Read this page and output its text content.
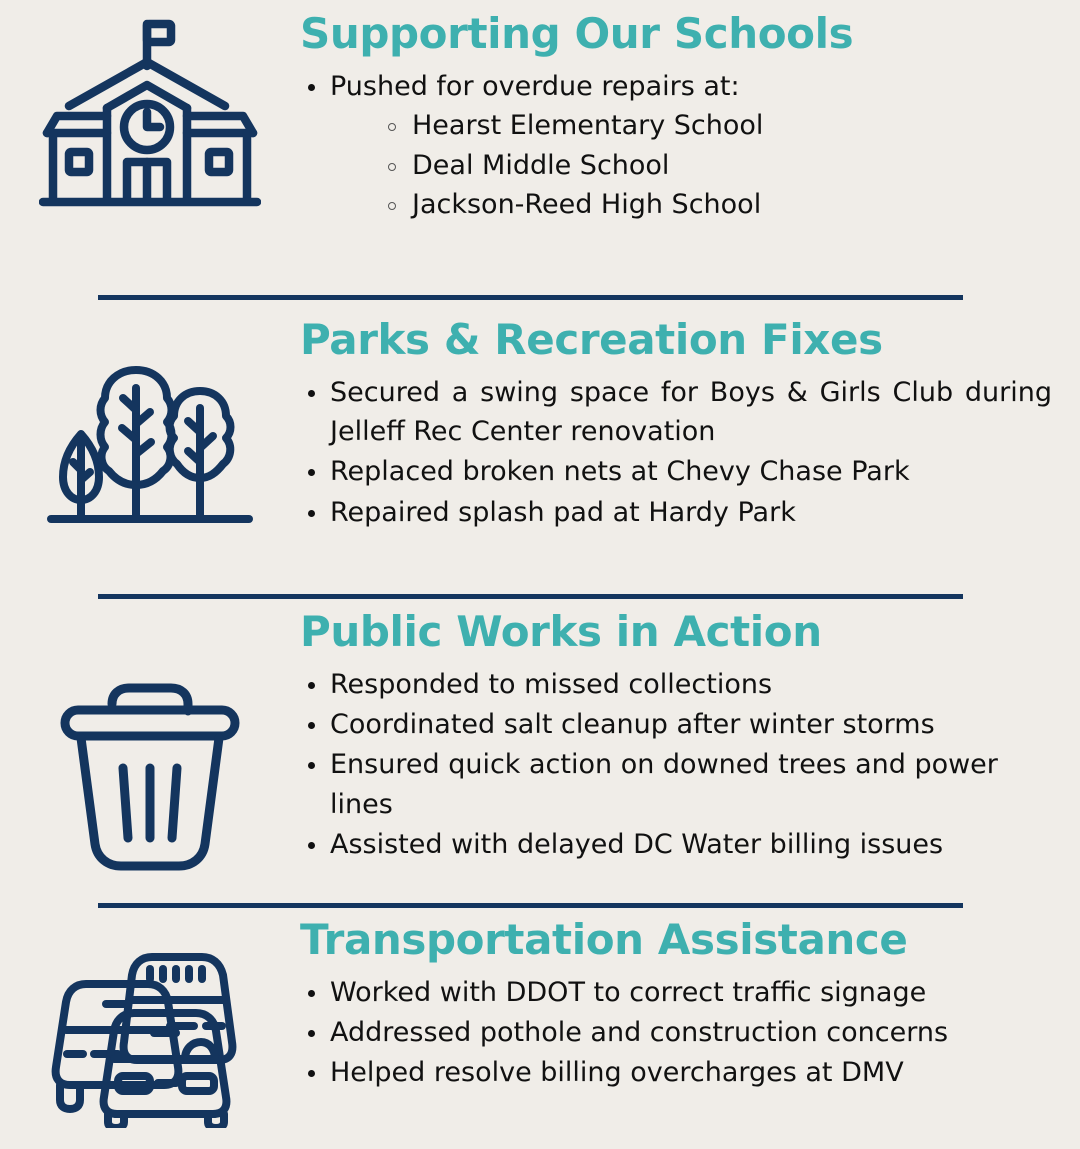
Supporting Our Schools
Pushed for overdue repairs at:
Hearst Elementary School
Deal Middle School
Jackson-Reed High School
Parks & Recreation Fixes
Secured a swing space for Boys & Girls Club during Jelleff Rec Center renovation
Replaced broken nets at Chevy Chase Park
Repaired splash pad at Hardy Park
Public Works in Action
Responded to missed collections
Coordinated salt cleanup after winter storms
Ensured quick action on downed trees and power lines
Assisted with delayed DC Water billing issues
Transportation Assistance
Worked with DDOT to correct traffic signage
Addressed pothole and construction concerns
Helped resolve billing overcharges at DMV
